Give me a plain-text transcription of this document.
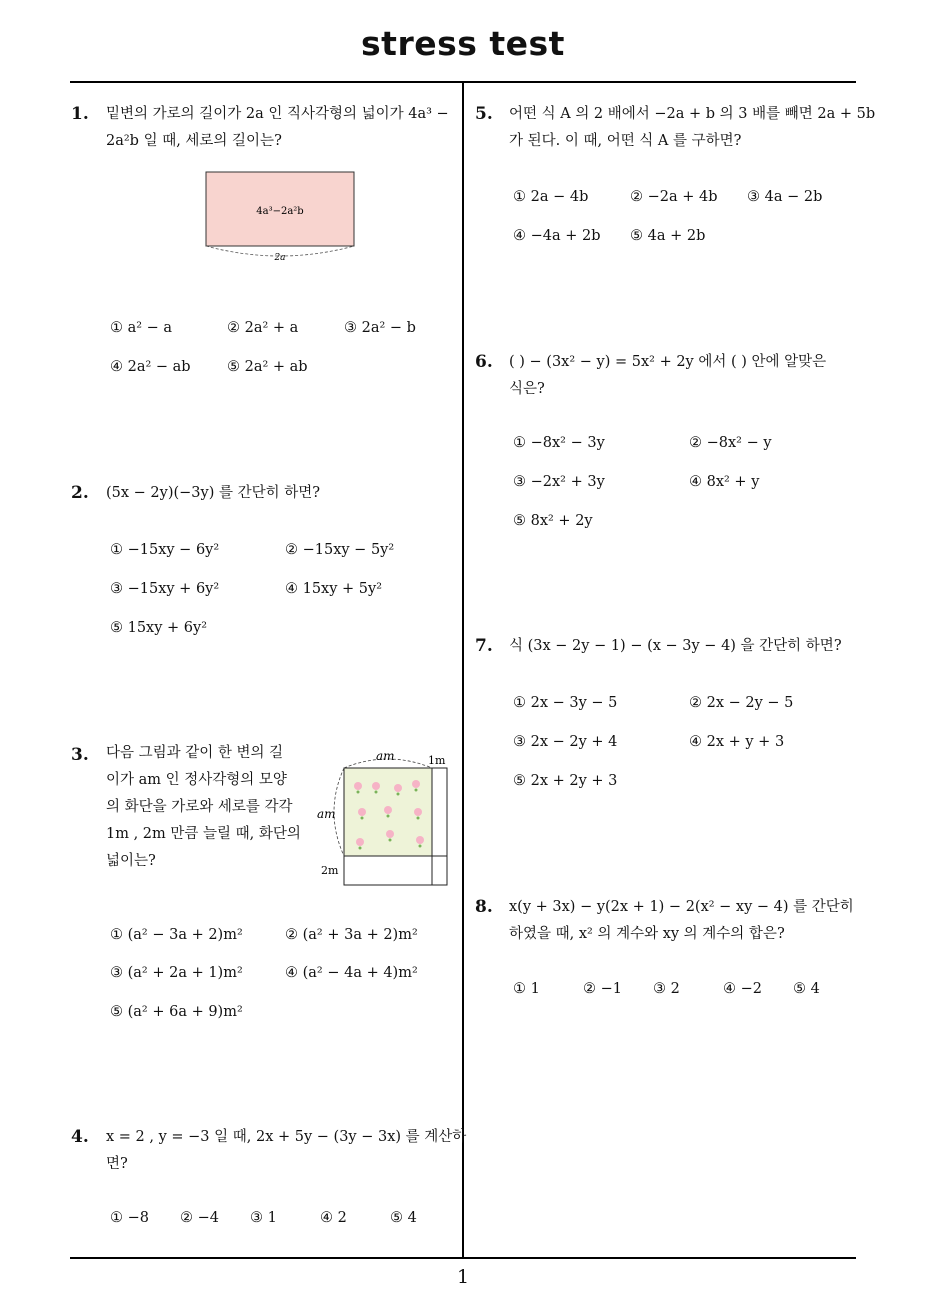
stress test
1
1. 밑변의 가로의 길이가 2a 인 직사각형의 넓이가 4a³ −
2a²b 일 때, 세로의 길이는?
4a³−2a²b
2a
① a² − a	② 2a² + a	③ 2a² − b
④ 2a² − ab	⑤ 2a² + ab
2. (5x − 2y)(−3y) 를 간단히 하면?
① −15xy − 6y²	② −15xy − 5y²
③ −15xy + 6y²	④ 15xy + 5y²
⑤ 15xy + 6y²
3. 다음 그림과 같이 한 변의 길
이가 am 인 정사각형의 모양
의 화단을 가로와 세로를 각각
1m , 2m 만큼 늘릴 때, 화단의
넓이는?
am	1m
am
2m
① (a² − 3a + 2)m²	② (a² + 3a + 2)m²
③ (a² + 2a + 1)m²	④ (a² − 4a + 4)m²
⑤ (a² + 6a + 9)m²
4. x = 2 , y = −3 일 때, 2x + 5y − (3y − 3x) 를 계산하
면?
① −8 ② −4 ③ 1	④ 2	⑤ 4
5. 어떤 식 A 의 2 배에서 −2a + b 의 3 배를 빼면 2a + 5b
가 된다. 이 때, 어떤 식 A 를 구하면?
① 2a − 4b	② −2a + 4b ③ 4a − 2b
④ −4a + 2b ⑤ 4a + 2b
6. ( ) − (3x² − y) = 5x² + 2y 에서 ( ) 안에 알맞은
식은?
① −8x² − 3y	② −8x² − y
③ −2x² + 3y	④ 8x² + y
⑤ 8x² + 2y
7. 식 (3x − 2y − 1) − (x − 3y − 4) 을 간단히 하면?
① 2x − 3y − 5	② 2x − 2y − 5
③ 2x − 2y + 4	④ 2x + y + 3
⑤ 2x + 2y + 3
8. x(y + 3x) − y(2x + 1) − 2(x² − xy − 4) 를 간단히
하였을 때, x² 의 계수와 xy 의 계수의 합은?
① 1	② −1 ③ 2	④ −2 ⑤ 4
